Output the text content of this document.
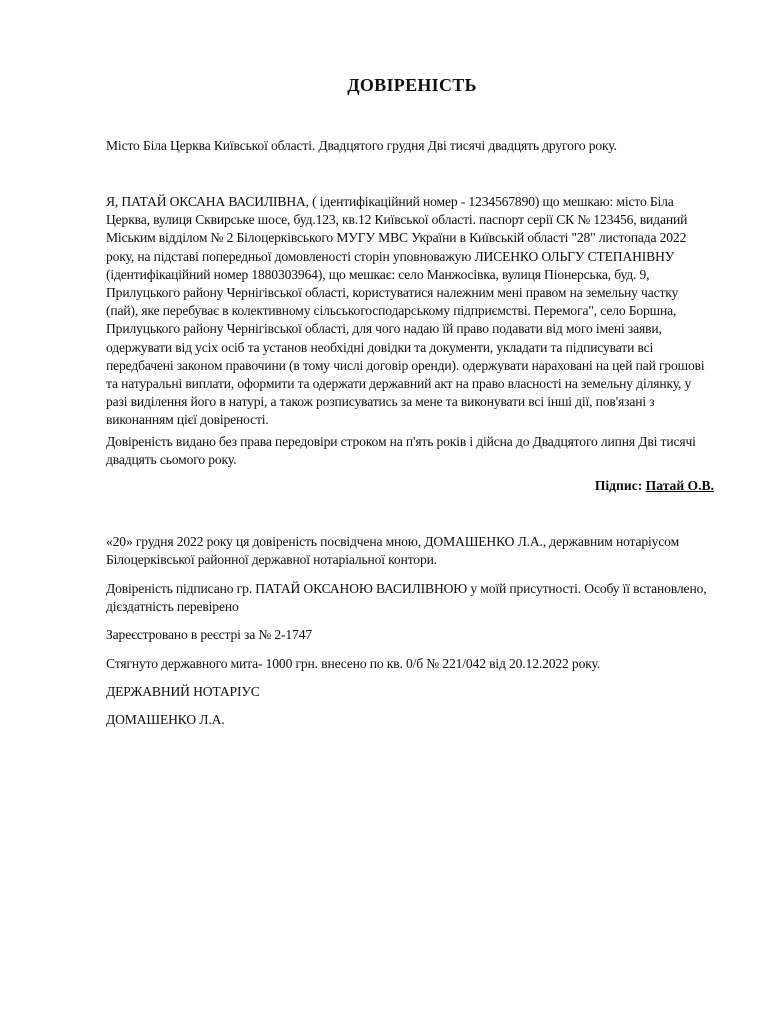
ДОВІРЕНІСТЬ

Місто Біла Церква Київської області. Двадцятого грудня Дві тисячі двадцять другого року.

Я, ПАТАЙ ОКСАНА ВАСИЛІВНА, ( ідентифікаційний номер - 1234567890) що мешкаю: місто Біла Церква, вулиця Сквирське шосе, буд.123, кв.12 Київської області. паспорт серії СК № 123456, виданий Міським відділом № 2 Білоцерківського МУГУ МВС України в Київській області "28" листопада 2022 року, на підставі попередньої домовленості сторін уповноважую ЛИСЕНКО ОЛЬГУ СТЕПАНІВНУ (ідентифікаційний номер 1880303964), що мешкає: село Манжосівка, вулиця Піонерська, буд. 9, Прилуцького району Чернігівської області, користуватися належним мені правом на земельну частку (пай), яке перебуває в колективному сільськогосподарському підприємстві. Перемога", село Боршна, Прилуцького району Чернігівської області, для чого надаю їй право подавати від мого імені заяви, одержувати від усіх осіб та установ необхідні довідки та документи, укладати та підписувати всі передбачені законом правочини (в тому числі договір оренди). одержувати нараховані на цей пай грошові та натуральні виплати, оформити та одержати державний акт на право власності на земельну ділянку, у разі виділення його в натурі, а також розписуватись за мене та виконувати всі інші дії, пов'язані з виконанням цієї довіреності.

Довіреність видано без права передовіри строком на п'ять років і дійсна до Двадцятого липня Дві тисячі двадцять сьомого року.

Підпис: Патай О.В.

«20» грудня 2022 року ця довіреність посвідчена мною, ДОМАШЕНКО Л.А., державним нотаріусом Білоцерківської районної державної нотаріальної контори.

Довіреність підписано гр. ПАТАЙ ОКСАНОЮ ВАСИЛІВНОЮ у моїй присутності. Особу її встановлено, дієздатність перевірено

Зареєстровано в реєстрі за № 2-1747

Стягнуто державного мита- 1000 грн. внесено по кв. 0/б № 221/042 від 20.12.2022 року.

ДЕРЖАВНИЙ НОТАРІУС

ДОМАШЕНКО Л.А.
